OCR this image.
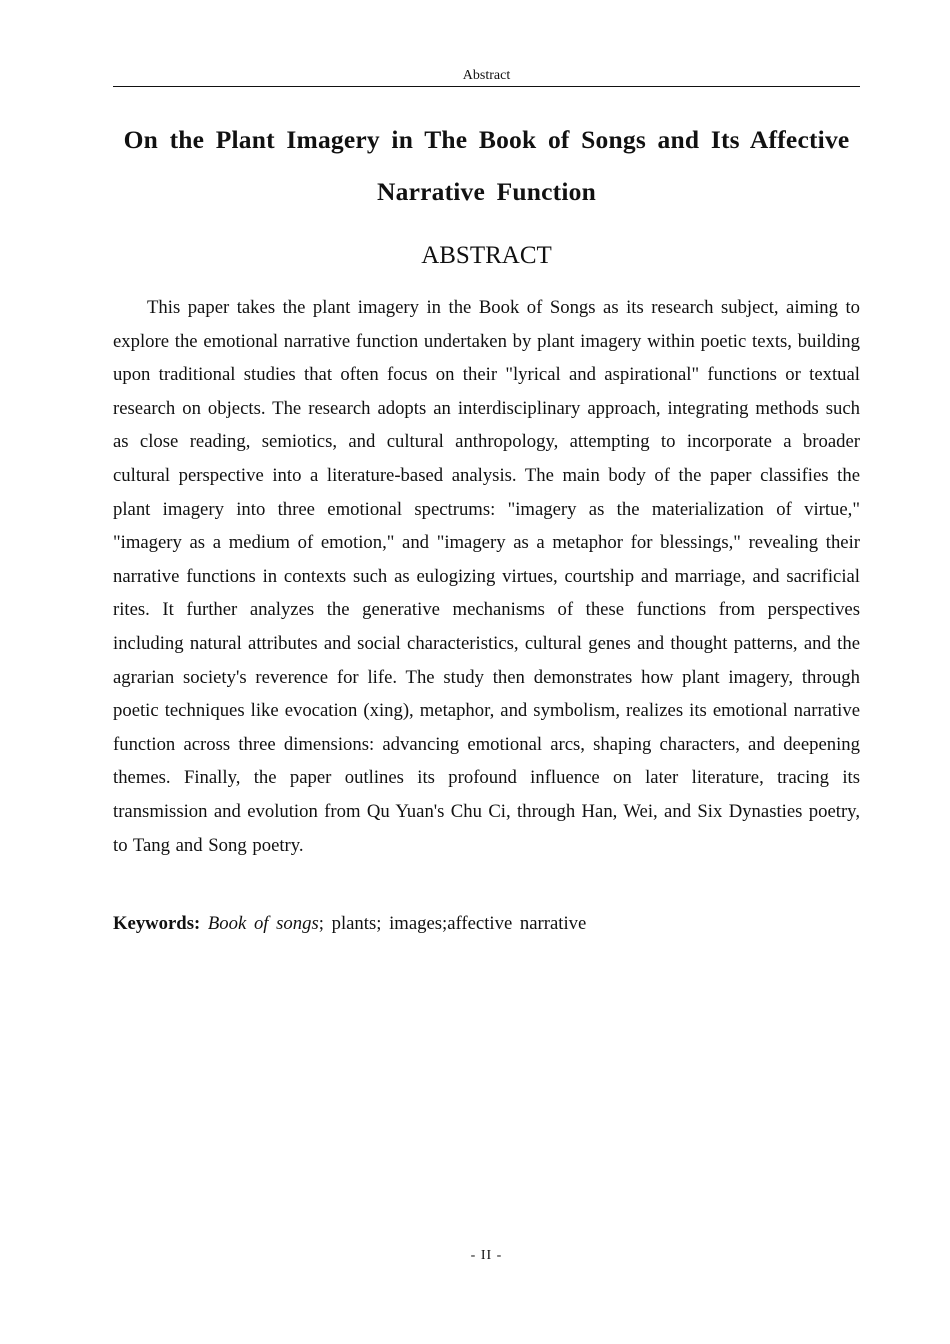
Abstract
On the Plant Imagery in The Book of Songs and Its Affective Narrative Function
ABSTRACT

This paper takes the plant imagery in the Book of Songs as its research subject, aiming to explore the emotional narrative function undertaken by plant imagery within poetic texts, building upon traditional studies that often focus on their "lyrical and aspirational" functions or textual research on objects. The research adopts an interdisciplinary approach, integrating methods such as close reading, semiotics, and cultural anthropology, attempting to incorporate a broader cultural perspective into a literature-based analysis. The main body of the paper classifies the plant imagery into three emotional spectrums: "imagery as the materialization of virtue," "imagery as a medium of emotion," and "imagery as a metaphor for blessings," revealing their narrative functions in contexts such as eulogizing virtues, courtship and marriage, and sacrificial rites. It further analyzes the generative mechanisms of these functions from perspectives including natural attributes and social characteristics, cultural genes and thought patterns, and the agrarian society's reverence for life. The study then demonstrates how plant imagery, through poetic techniques like evocation (xing), metaphor, and symbolism, realizes its emotional narrative function across three dimensions: advancing emotional arcs, shaping characters, and deepening themes. Finally, the paper outlines its profound influence on later literature, tracing its transmission and evolution from Qu Yuan's Chu Ci, through Han, Wei, and Six Dynasties poetry, to Tang and Song poetry.

Keywords: Book of songs; plants; images;affective narrative

- II -
